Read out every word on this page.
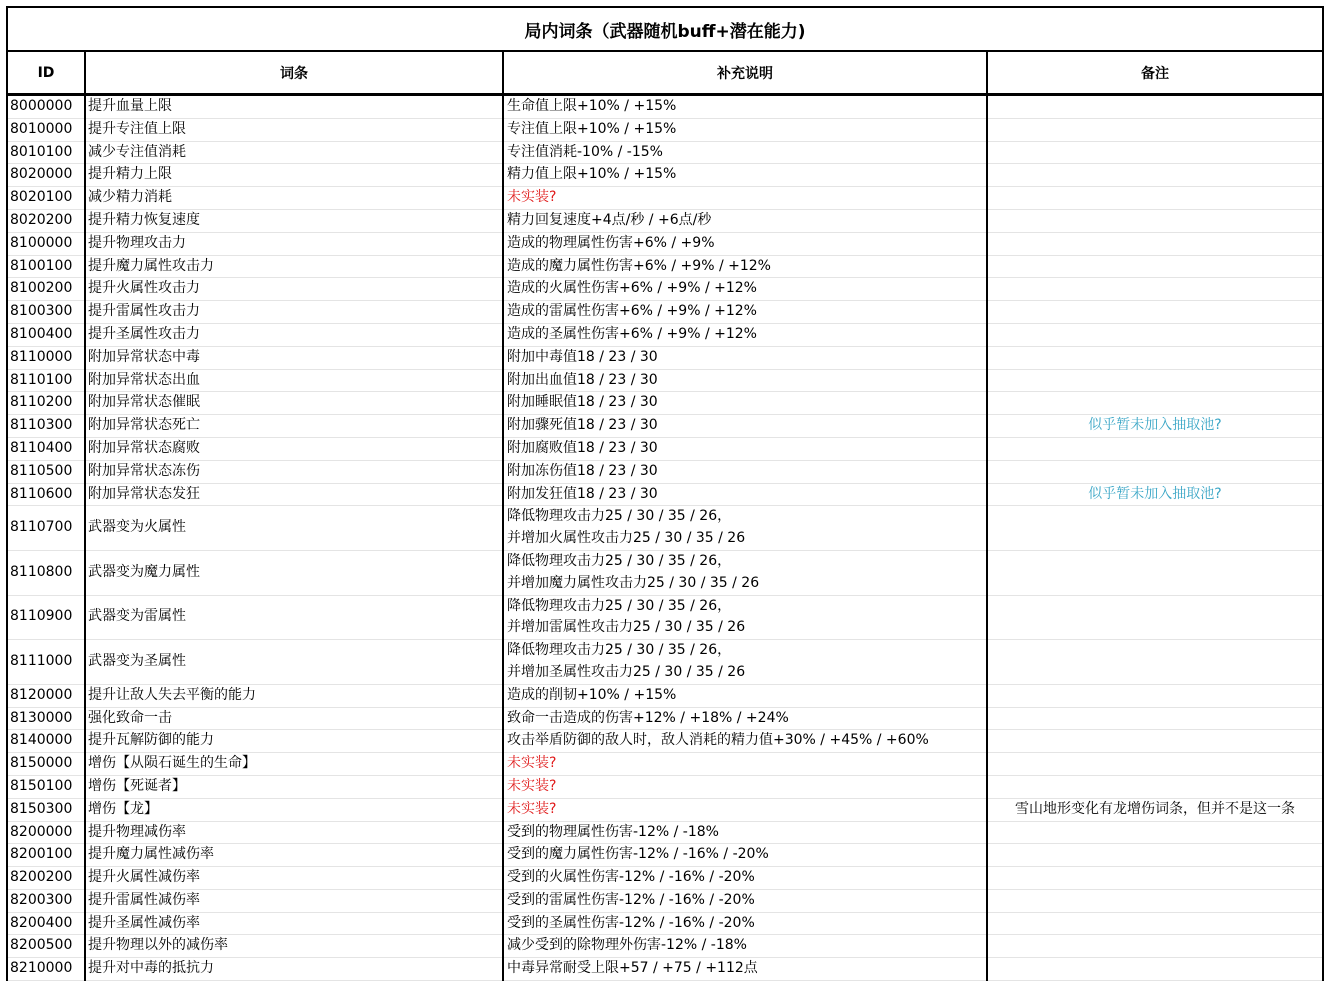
局内词条（武器随机buff+潜在能力)
ID	词条	补充说明	备注
8000000	提升血量上限	生命值上限+10% / +15%	

8010000	提升专注值上限	专注值上限+10% / +15%	

8010100	减少专注值消耗	专注值消耗-10% / -15%	

8020000	提升精力上限	精力值上限+10% / +15%	

8020100	减少精力消耗	未实装?	

8020200	提升精力恢复速度	精力回复速度+4点/秒 / +6点/秒	

8100000	提升物理攻击力	造成的物理属性伤害+6% / +9%	

8100100	提升魔力属性攻击力	造成的魔力属性伤害+6% / +9% / +12%	

8100200	提升火属性攻击力	造成的火属性伤害+6% / +9% / +12%	

8100300	提升雷属性攻击力	造成的雷属性伤害+6% / +9% / +12%	

8100400	提升圣属性攻击力	造成的圣属性伤害+6% / +9% / +12%	

8110000	附加异常状态中毒	附加中毒值18 / 23 / 30	

8110100	附加异常状态出血	附加出血值18 / 23 / 30	

8110200	附加异常状态催眠	附加睡眠值18 / 23 / 30	

8110300	附加异常状态死亡	附加骤死值18 / 23 / 30	似乎暂未加入抽取池?
8110400	附加异常状态腐败	附加腐败值18 / 23 / 30	

8110500	附加异常状态冻伤	附加冻伤值18 / 23 / 30	

8110600	附加异常状态发狂	附加发狂值18 / 23 / 30	似乎暂未加入抽取池?
8110700	武器变为火属性	降低物理攻击力25 / 30 / 35 / 26，
并增加火属性攻击力25 / 30 / 35 / 26	

8110800	武器变为魔力属性	降低物理攻击力25 / 30 / 35 / 26，
并增加魔力属性攻击力25 / 30 / 35 / 26	

8110900	武器变为雷属性	降低物理攻击力25 / 30 / 35 / 26，
并增加雷属性攻击力25 / 30 / 35 / 26	

8111000	武器变为圣属性	降低物理攻击力25 / 30 / 35 / 26，
并增加圣属性攻击力25 / 30 / 35 / 26	

8120000	提升让敌人失去平衡的能力	造成的削韧+10% / +15%	

8130000	强化致命一击	致命一击造成的伤害+12% / +18% / +24%	

8140000	提升瓦解防御的能力	攻击举盾防御的敌人时，敌人消耗的精力值+30% / +45% / +60%	

8150000	增伤【从陨石诞生的生命】	未实装?	

8150100	增伤【死诞者】	未实装?	

8150300	增伤【龙】	未实装?	雪山地形变化有龙增伤词条，但并不是这一条
8200000	提升物理减伤率	受到的物理属性伤害-12% / -18%	

8200100	提升魔力属性减伤率	受到的魔力属性伤害-12% / -16% / -20%	

8200200	提升火属性减伤率	受到的火属性伤害-12% / -16% / -20%	

8200300	提升雷属性减伤率	受到的雷属性伤害-12% / -16% / -20%	

8200400	提升圣属性减伤率	受到的圣属性伤害-12% / -16% / -20%	

8200500	提升物理以外的减伤率	减少受到的除物理外伤害-12% / -18%	

8210000	提升对中毒的抵抗力	中毒异常耐受上限+57 / +75 / +112点	
